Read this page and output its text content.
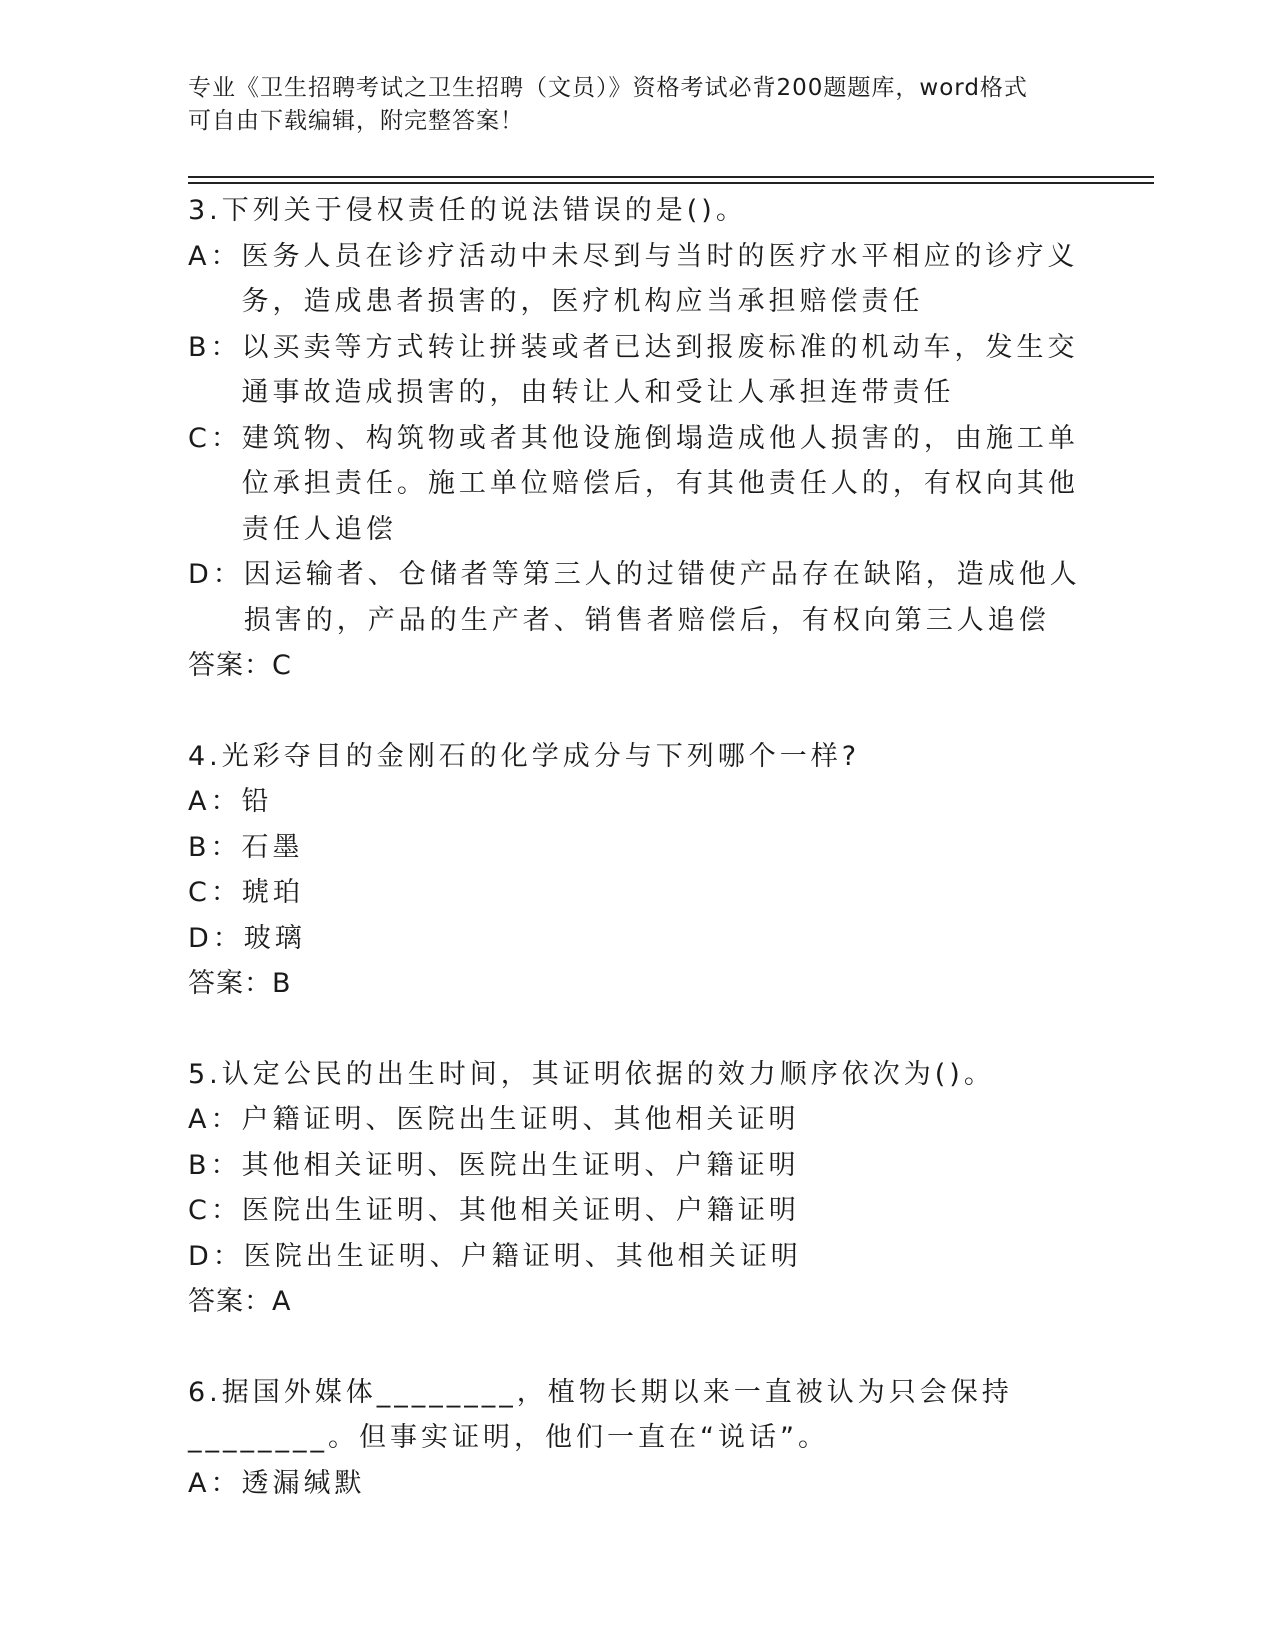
专业《卫生招聘考试之卫生招聘（文员）》资格考试必背200题题库，word格式
可自由下载编辑，附完整答案！
3.下列关于侵权责任的说法错误的是()。
A： 医务人员在诊疗活动中未尽到与当时的医疗水平相应的诊疗义务，造成患者损害的，医疗机构应当承担赔偿责任
B： 以买卖等方式转让拼装或者已达到报废标准的机动车，发生交通事故造成损害的，由转让人和受让人承担连带责任
C： 建筑物、构筑物或者其他设施倒塌造成他人损害的，由施工单位承担责任。施工单位赔偿后，有其他责任人的，有权向其他责任人追偿
D： 因运输者、仓储者等第三人的过错使产品存在缺陷，造成他人损害的，产品的生产者、销售者赔偿后，有权向第三人追偿
答案：C
4.光彩夺目的金刚石的化学成分与下列哪个一样?
A： 铅
B： 石墨
C： 琥珀
D： 玻璃
答案：B
5.认定公民的出生时间，其证明依据的效力顺序依次为()。
A： 户籍证明、医院出生证明、其他相关证明
B： 其他相关证明、医院出生证明、户籍证明
C： 医院出生证明、其他相关证明、户籍证明
D： 医院出生证明、户籍证明、其他相关证明
答案：A
6.据国外媒体________，植物长期以来一直被认为只会保持________。但事实证明，他们一直在“说话”。
A： 透漏缄默
